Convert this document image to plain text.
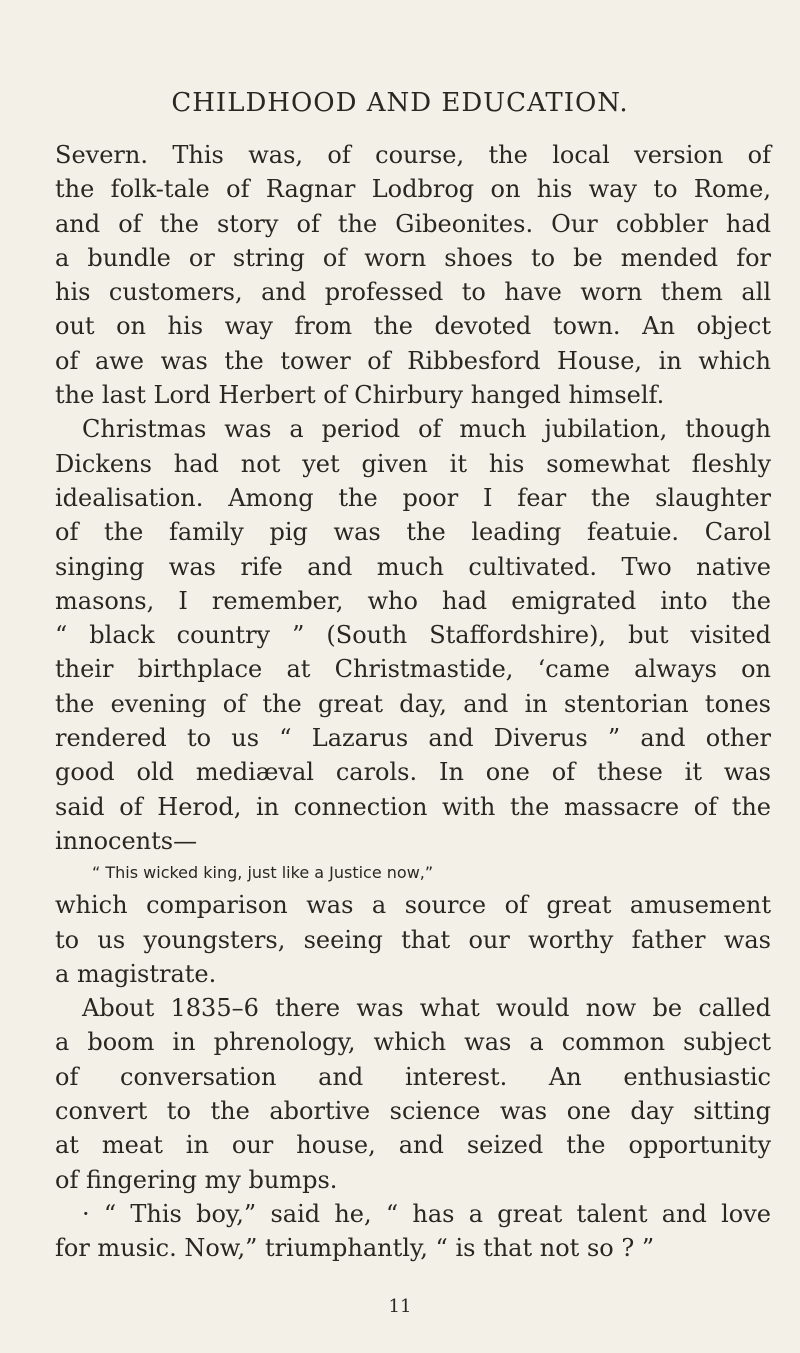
CHILDHOOD AND EDUCATION.
Severn. This was, of course, the local version of
the folk-tale of Ragnar Lodbrog on his way to Rome,
and of the story of the Gibeonites. Our cobbler had
a bundle or string of worn shoes to be mended for
his customers, and professed to have worn them all
out on his way from the devoted town. An object
of awe was the tower of Ribbesford House, in which
the last Lord Herbert of Chirbury hanged himself.
Christmas was a period of much jubilation, though
Dickens had not yet given it his somewhat fleshly
idealisation. Among the poor I fear the slaughter
of the family pig was the leading featuie. Carol
singing was rife and much cultivated. Two native
masons, I remember, who had emigrated into the
“ black country ” (South Staffordshire), but visited
their birthplace at Christmastide, ‘came always on
the evening of the great day, and in stentorian tones
rendered to us “ Lazarus and Diverus ” and other
good old mediæval carols. In one of these it was
said of Herod, in connection with the massacre of the
innocents—
“ This wicked king, just like a Justice now,”
which comparison was a source of great amusement
to us youngsters, seeing that our worthy father was
a magistrate.
About 1835–6 there was what would now be called
a boom in phrenology, which was a common subject
of conversation and interest. An enthusiastic
convert to the abortive science was one day sitting
at meat in our house, and seized the opportunity
of fingering my bumps.
· “ This boy,” said he, “ has a great talent and love
for music. Now,” triumphantly, “ is that not so ? ”
11
